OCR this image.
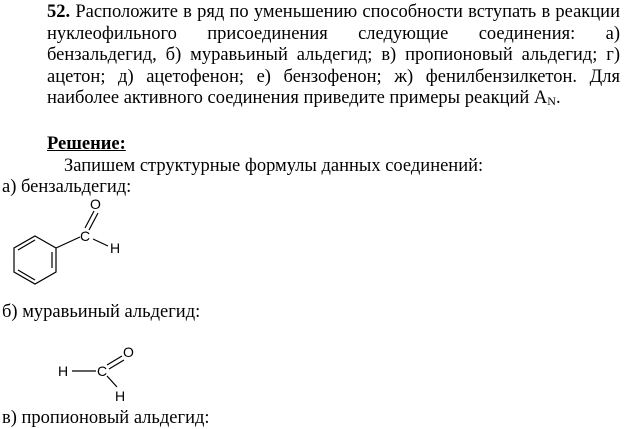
52. Расположите в ряд по уменьшению способности вступать в реакции нуклеофильного присоединения следующие соединения: а) бензальдегид, б) муравьиный альдегид; в) пропионовый альдегид; г) ацетон; д) ацетофенон; е) бензофенон; ж) фенилбензилкетон. Для наиболее активного соединения приведите примеры реакций $A_N$.
Решение:
Запишем структурные формулы данных соединений:
а) бензальдегид:
O
C
H
б) муравьиный альдегид:
H C
O
H
в) пропионовый альдегид:
